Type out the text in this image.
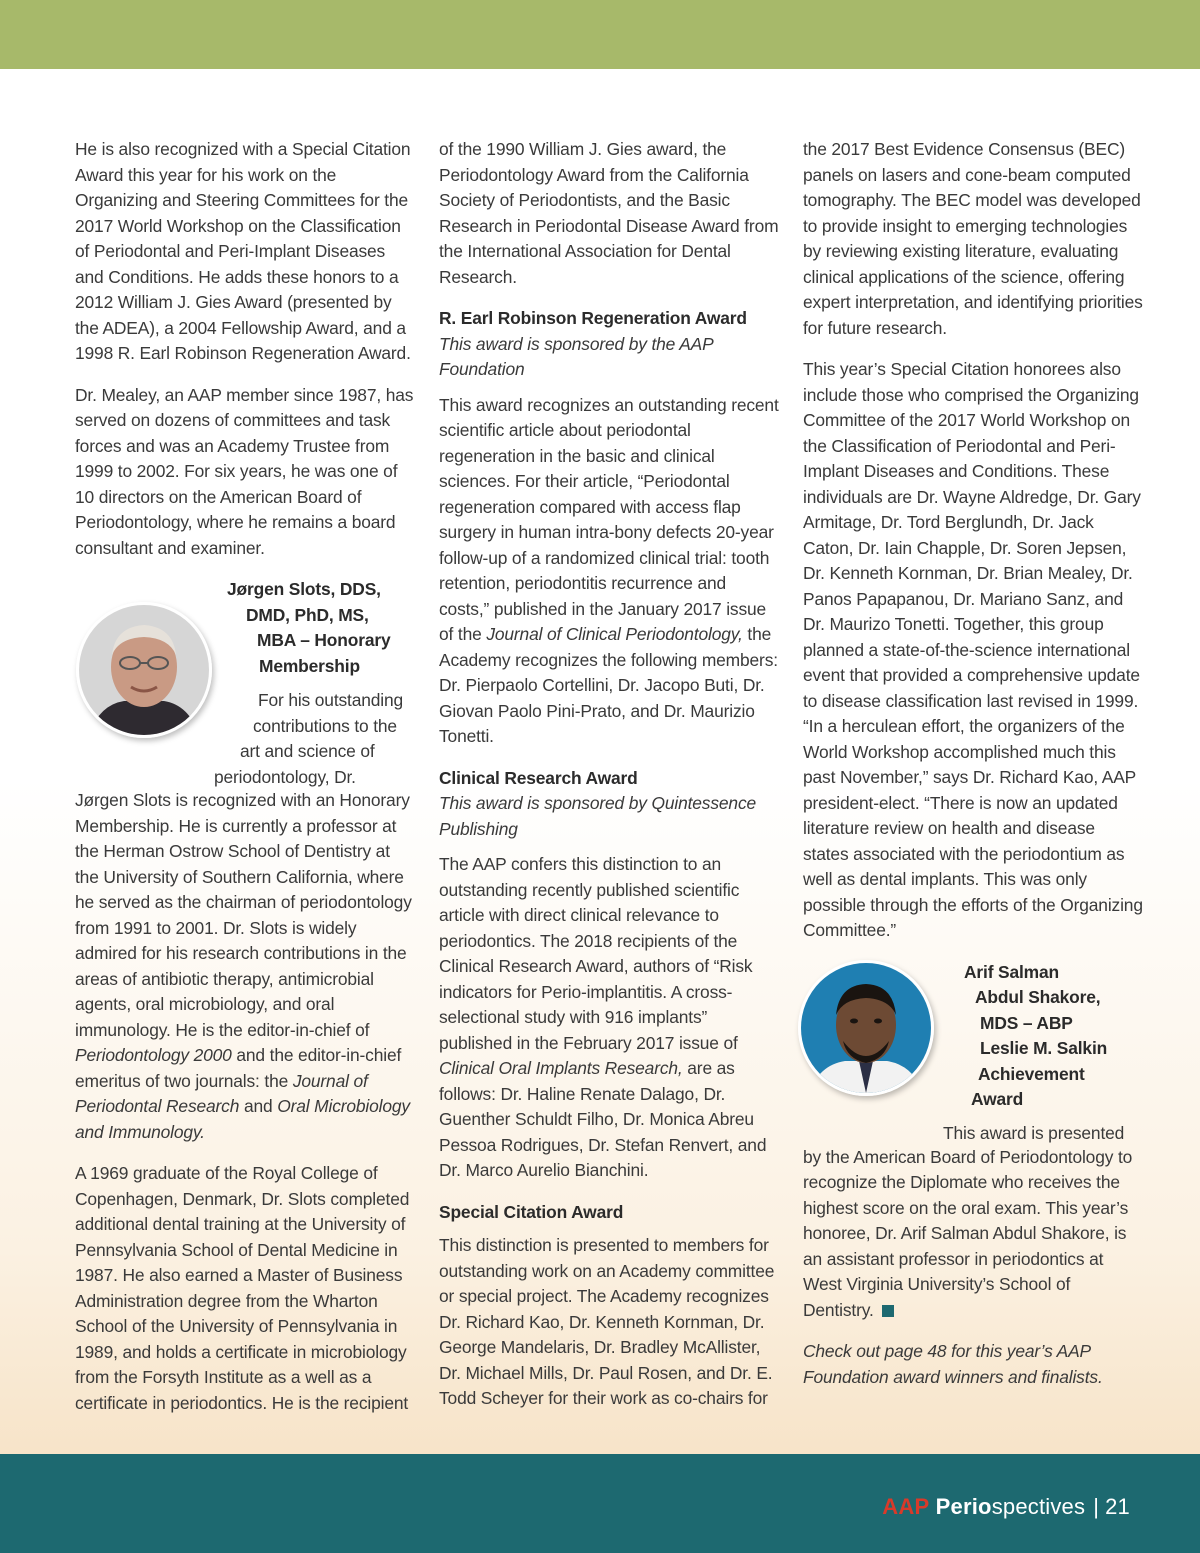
He is also recognized with a Special Citation Award this year for his work on the Organizing and Steering Committees for the 2017 World Workshop on the Classification of Periodontal and Peri-Implant Diseases and Conditions. He adds these honors to a 2012 William J. Gies Award (presented by the ADEA), a 2004 Fellowship Award, and a 1998 R. Earl Robinson Regeneration Award.

Dr. Mealey, an AAP member since 1987, has served on dozens of committees and task forces and was an Academy Trustee from 1999 to 2002. For six years, he was one of 10 directors on the American Board of Periodontology, where he remains a board consultant and examiner.

Jørgen Slots, DDS,
DMD, PhD, MS,
MBA – Honorary
Membership
For his outstanding
contributions to the
art and science of
periodontology, Dr.

Jørgen Slots is recognized with an Honorary Membership. He is currently a professor at the Herman Ostrow School of Dentistry at the University of Southern California, where he served as the chairman of periodontology from 1991 to 2001. Dr. Slots is widely admired for his research contributions in the areas of antibiotic therapy, antimicrobial agents, oral microbiology, and oral immunology. He is the editor-in-chief of Periodontology 2000 and the editor-in-chief emeritus of two journals: the Journal of Periodontal Research and Oral Microbiology and Immunology.

A 1969 graduate of the Royal College of Copenhagen, Denmark, Dr. Slots completed additional dental training at the University of Pennsylvania School of Dental Medicine in 1987. He also earned a Master of Business Administration degree from the Wharton School of the University of Pennsylvania in 1989, and holds a certificate in microbiology from the Forsyth Institute as a well as a certificate in periodontics. He is the recipient

of the 1990 William J. Gies award, the Periodontology Award from the California Society of Periodontists, and the Basic Research in Periodontal Disease Award from the International Association for Dental Research.

R. Earl Robinson Regeneration Award
This award is sponsored by the AAP Foundation

This award recognizes an outstanding recent scientific article about periodontal regeneration in the basic and clinical sciences. For their article, “Periodontal regeneration compared with access flap surgery in human intra-bony defects 20-year follow-up of a randomized clinical trial: tooth retention, periodontitis recurrence and costs,” published in the January 2017 issue of the Journal of Clinical Periodontology, the Academy recognizes the following members: Dr. Pierpaolo Cortellini, Dr. Jacopo Buti, Dr. Giovan Paolo Pini-Prato, and Dr. Maurizio Tonetti.

Clinical Research Award
This award is sponsored by Quintessence Publishing

The AAP confers this distinction to an outstanding recently published scientific article with direct clinical relevance to periodontics. The 2018 recipients of the Clinical Research Award, authors of “Risk indicators for Perio-implantitis. A cross-selectional study with 916 implants” published in the February 2017 issue of Clinical Oral Implants Research, are as follows: Dr. Haline Renate Dalago, Dr. Guenther Schuldt Filho, Dr. Monica Abreu Pessoa Rodrigues, Dr. Stefan Renvert, and Dr. Marco Aurelio Bianchini.

Special Citation Award

This distinction is presented to members for outstanding work on an Academy committee or special project. The Academy recognizes Dr. Richard Kao, Dr. Kenneth Kornman, Dr. George Mandelaris, Dr. Bradley McAllister, Dr. Michael Mills, Dr. Paul Rosen, and Dr. E. Todd Scheyer for their work as co-chairs for

the 2017 Best Evidence Consensus (BEC) panels on lasers and cone-beam computed tomography. The BEC model was developed to provide insight to emerging technologies by reviewing existing literature, evaluating clinical applications of the science, offering expert interpretation, and identifying priorities for future research.

This year’s Special Citation honorees also include those who comprised the Organizing Committee of the 2017 World Workshop on the Classification of Periodontal and Peri-Implant Diseases and Conditions. These individuals are Dr. Wayne Aldredge, Dr. Gary Armitage, Dr. Tord Berglundh, Dr. Jack Caton, Dr. Iain Chapple, Dr. Soren Jepsen, Dr. Kenneth Kornman, Dr. Brian Mealey, Dr. Panos Papapanou, Dr. Mariano Sanz, and Dr. Maurizo Tonetti. Together, this group planned a state-of-the-science international event that provided a comprehensive update to disease classification last revised in 1999. “In a herculean effort, the organizers of the World Workshop accomplished much this past November,” says Dr. Richard Kao, AAP president-elect. “There is now an updated literature review on health and disease states associated with the periodontium as well as dental implants. This was only possible through the efforts of the Organizing Committee.”

Arif Salman
Abdul Shakore,
MDS – ABP
Leslie M. Salkin
Achievement
Award
This award is presented

by the American Board of Periodontology to recognize the Diplomate who receives the highest score on the oral exam. This year’s honoree, Dr. Arif Salman Abdul Shakore, is an assistant professor in periodontics at West Virginia University’s School of Dentistry.

Check out page 48 for this year’s AAP Foundation award winners and finalists.

AAP Periospectives | 21
